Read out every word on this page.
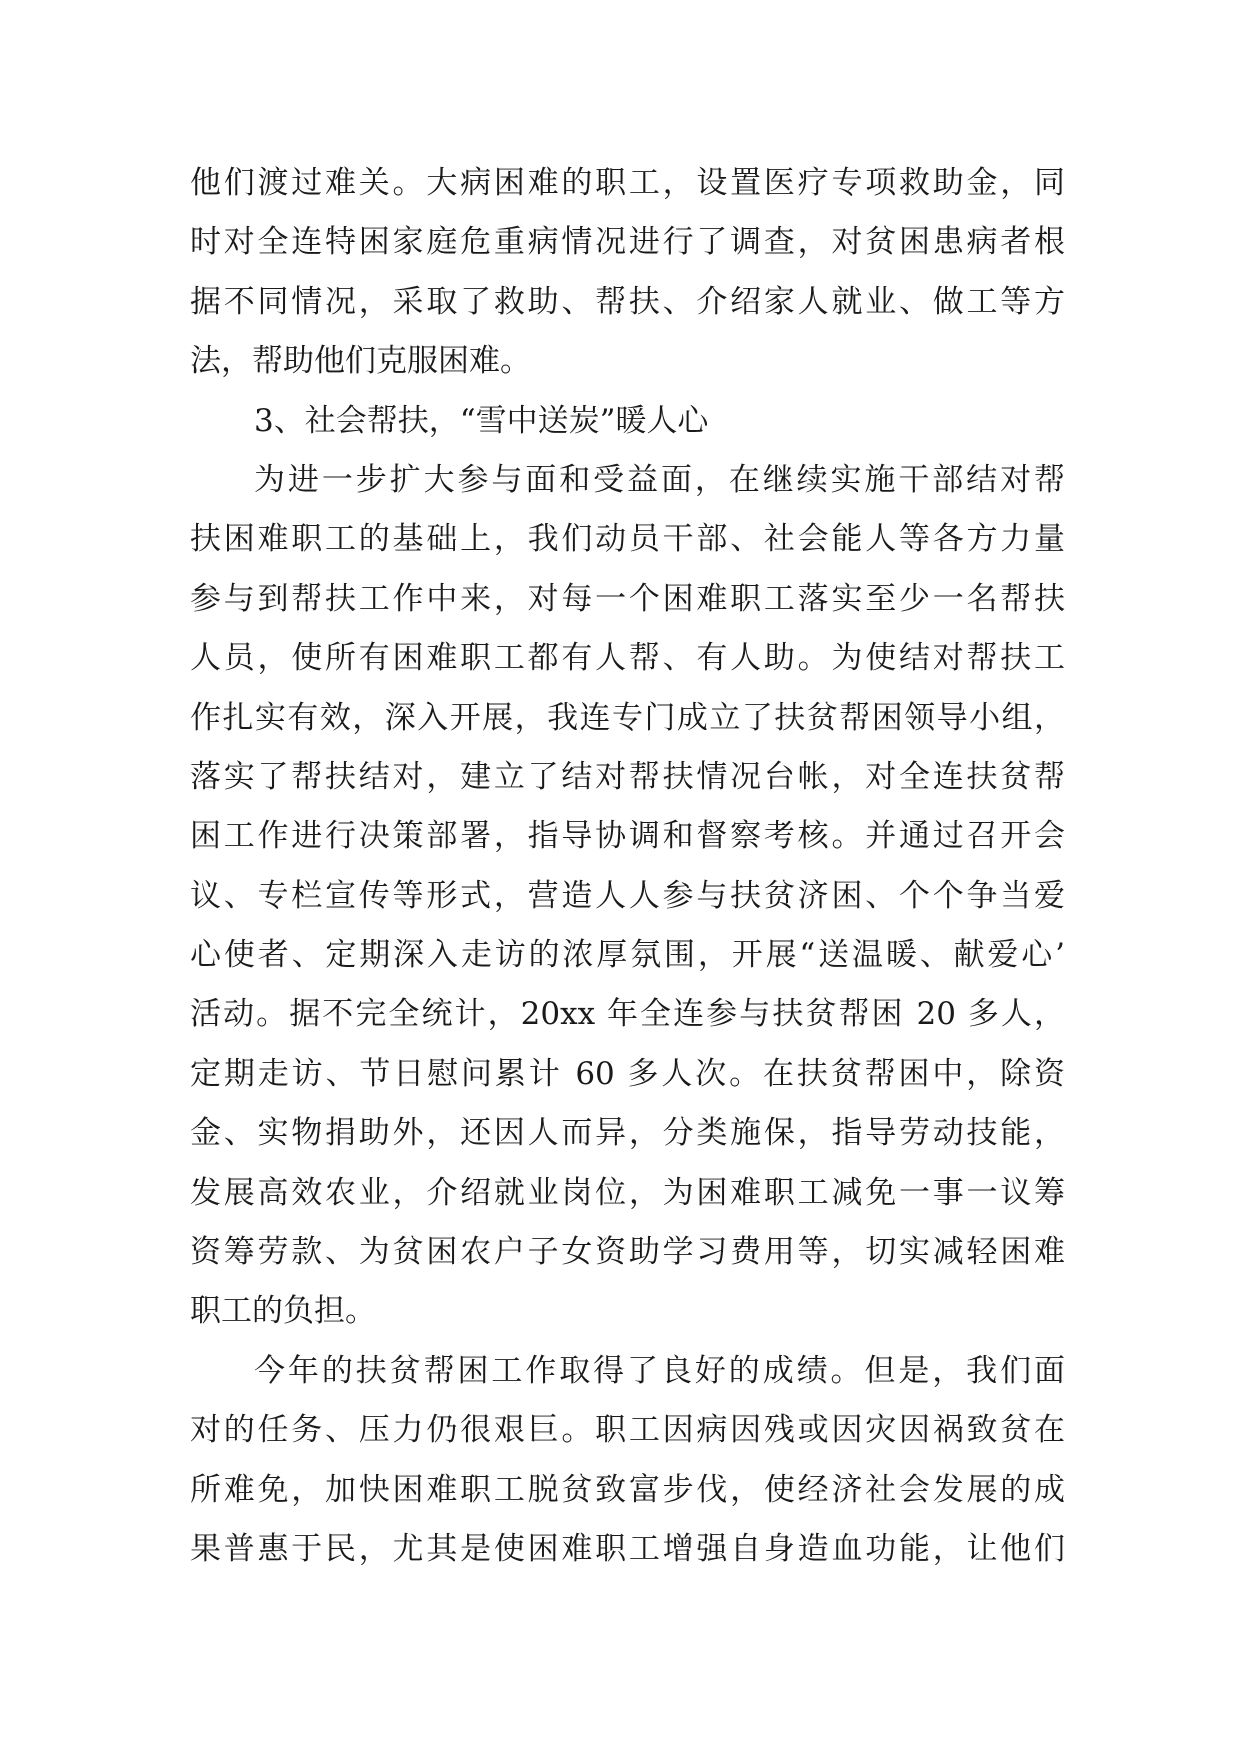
他们渡过难关。大病困难的职工，设置医疗专项救助金，同
时对全连特困家庭危重病情况进行了调查，对贫困患病者根
据不同情况，采取了救助、帮扶、介绍家人就业、做工等方
法，帮助他们克服困难。
3、社会帮扶，“雪中送炭”暖人心
为进一步扩大参与面和受益面，在继续实施干部结对帮
扶困难职工的基础上，我们动员干部、社会能人等各方力量
参与到帮扶工作中来，对每一个困难职工落实至少一名帮扶
人员，使所有困难职工都有人帮、有人助。为使结对帮扶工
作扎实有效，深入开展，我连专门成立了扶贫帮困领导小组，
落实了帮扶结对，建立了结对帮扶情况台帐，对全连扶贫帮
困工作进行决策部署，指导协调和督察考核。并通过召开会
议、专栏宣传等形式，营造人人参与扶贫济困、个个争当爱
心使者、定期深入走访的浓厚氛围，开展“送温暖、献爱心’
活动。据不完全统计，20xx 年全连参与扶贫帮困 20 多人，
定期走访、节日慰问累计 60 多人次。在扶贫帮困中，除资
金、实物捐助外，还因人而异，分类施保，指导劳动技能，
发展高效农业，介绍就业岗位，为困难职工减免一事一议筹
资筹劳款、为贫困农户子女资助学习费用等，切实减轻困难
职工的负担。
今年的扶贫帮困工作取得了良好的成绩。但是，我们面
对的任务、压力仍很艰巨。职工因病因残或因灾因祸致贫在
所难免，加快困难职工脱贫致富步伐，使经济社会发展的成
果普惠于民，尤其是使困难职工增强自身造血功能，让他们
